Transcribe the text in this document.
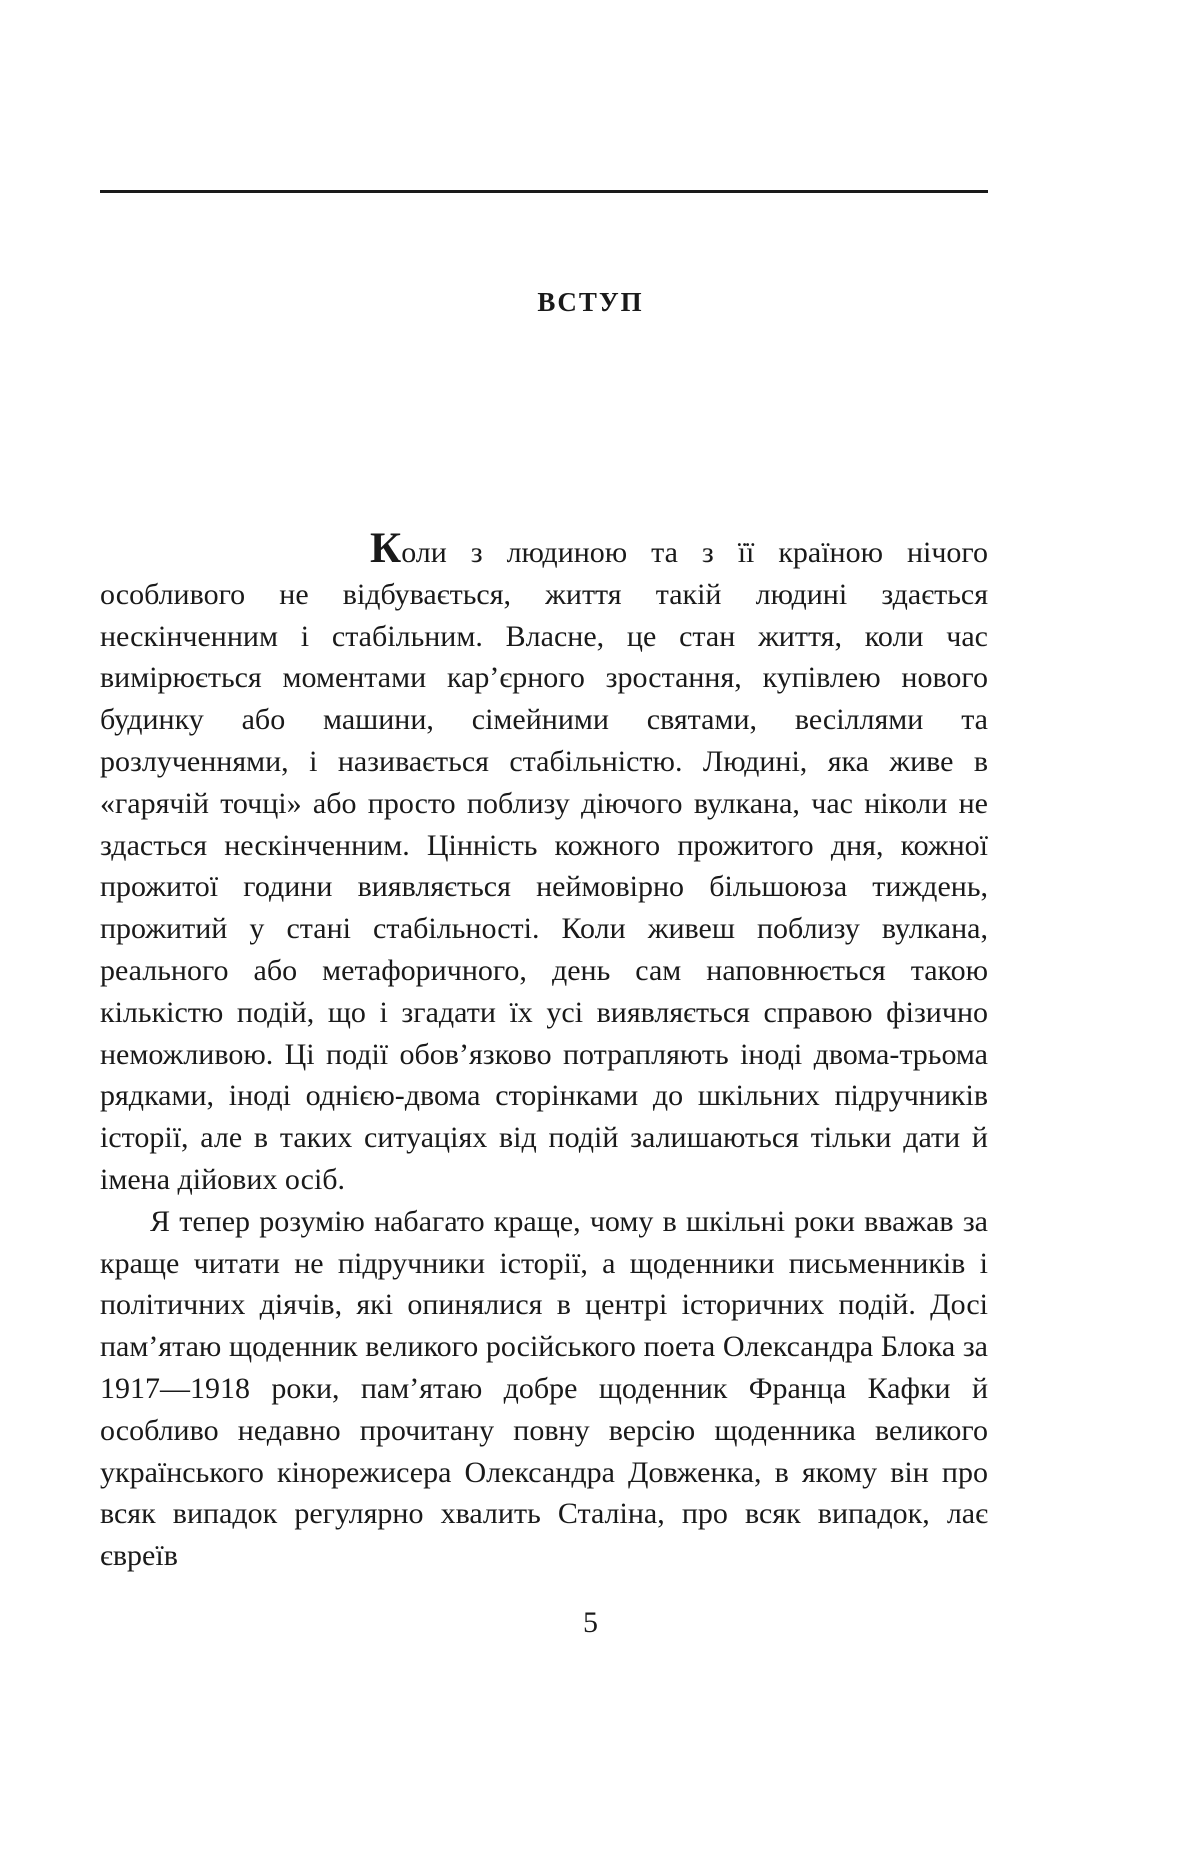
ВСТУП

Коли з людиною та з її країною нічого особливого не відбувається, життя такій людині здається нескінченним і стабільним. Власне, це стан життя, коли час вимірюється моментами кар’єрного зростання, купівлею нового будинку або машини, сімейними святами, весіллями та розлученнями, і називається стабільністю. Людині, яка живе в «гарячій точці» або просто поблизу діючого вулкана, час ніколи не здасться нескінченним. Цінність кожного прожитого дня, кожної прожитої години виявляється неймовірно більшоюза тиждень, прожитий у стані стабільності. Коли живеш поблизу вулкана, реального або метафоричного, день сам наповнюється такою кількістю подій, що і згадати їх усі виявляється справою фізично неможливою. Ці події обов’язково потрапляють іноді двома-трьома рядками, іноді однією-двома сторінками до шкільних підручників історії, але в таких ситуаціях від подій залишаються тільки дати й імена дійових осіб.

Я тепер розумію набагато краще, чому в шкільні роки вважав за краще читати не підручники історії, а щоденники письменників і політичних діячів, які опинялися в центрі історичних подій. Досі пам’ятаю щоденник великого російського поета Олександра Блока за 1917—1918 роки, пам’ятаю добре щоденник Франца Кафки й особливо недавно прочитану повну версію щоденника великого українського кінорежисера Олександра Довженка, в якому він про всяк випадок регулярно хвалить Сталіна, про всяк випадок, лає євреїв

5
